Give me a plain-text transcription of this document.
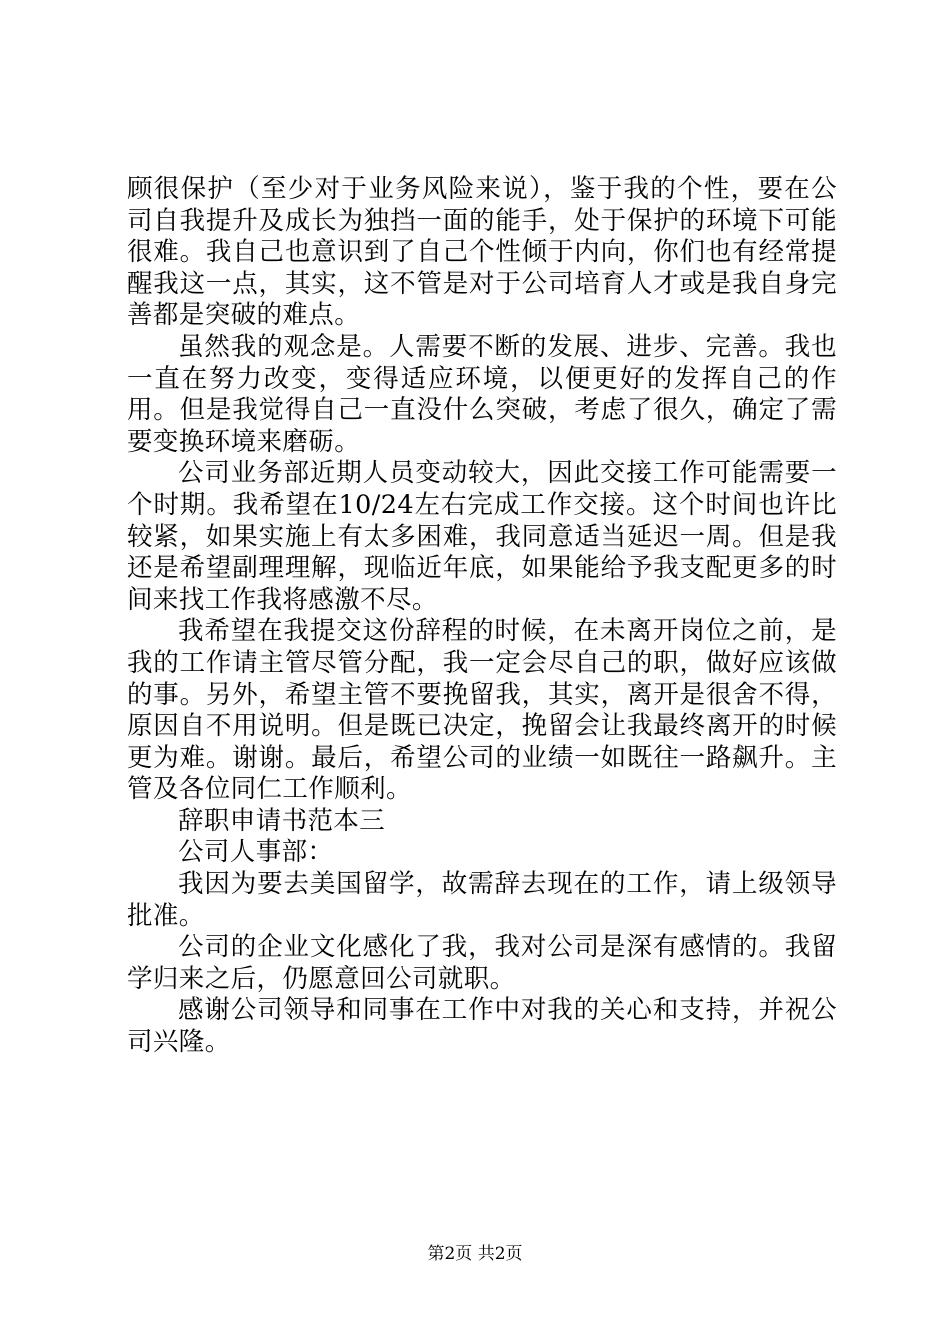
顾很保护（至少对于业务风险来说），鉴于我的个性，要在公司自我提升及成长为独挡一面的能手，处于保护的环境下可能很难。我自己也意识到了自己个性倾于内向，你们也有经常提醒我这一点，其实，这不管是对于公司培育人才或是我自身完善都是突破的难点。

虽然我的观念是。人需要不断的发展、进步、完善。我也一直在努力改变，变得适应环境，以便更好的发挥自己的作用。但是我觉得自己一直没什么突破，考虑了很久，确定了需要变换环境来磨砺。

公司业务部近期人员变动较大，因此交接工作可能需要一个时期。我希望在10/24左右完成工作交接。这个时间也许比较紧，如果实施上有太多困难，我同意适当延迟一周。但是我还是希望副理理解，现临近年底，如果能给予我支配更多的时间来找工作我将感激不尽。

我希望在我提交这份辞程的时候，在未离开岗位之前，是我的工作请主管尽管分配，我一定会尽自己的职，做好应该做的事。另外，希望主管不要挽留我，其实，离开是很舍不得，原因自不用说明。但是既已决定，挽留会让我最终离开的时候更为难。谢谢。最后，希望公司的业绩一如既往一路飙升。主管及各位同仁工作顺利。

辞职申请书范本三

公司人事部：

我因为要去美国留学，故需辞去现在的工作，请上级领导批准。

公司的企业文化感化了我，我对公司是深有感情的。我留学归来之后，仍愿意回公司就职。

感谢公司领导和同事在工作中对我的关心和支持，并祝公司兴隆。

第2页 共2页
